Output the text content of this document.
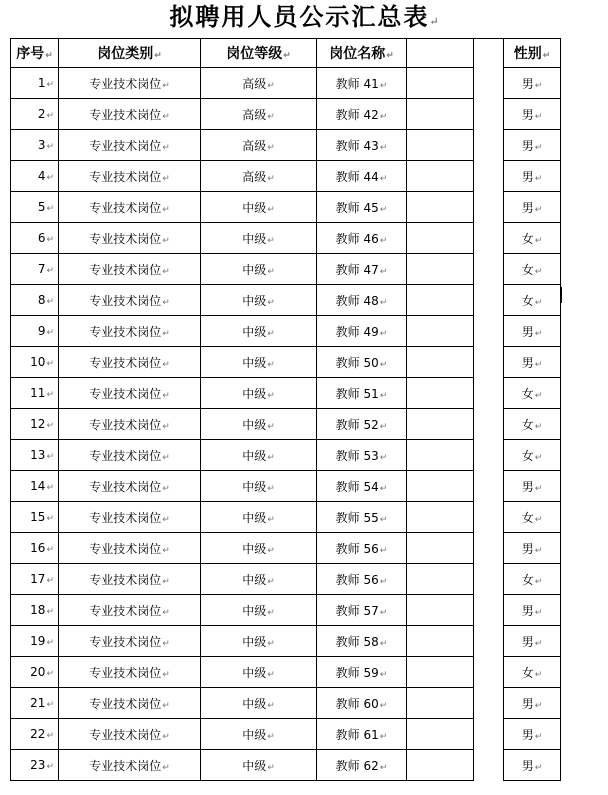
拟聘用人员公示汇总表↵
序号↵	岗位类别↵	岗位等级↵	岗位名称↵			性别↵
1↵	专业技术岗位↵	高级↵	教师 41↵			男↵
2↵	专业技术岗位↵	高级↵	教师 42↵			男↵
3↵	专业技术岗位↵	高级↵	教师 43↵			男↵
4↵	专业技术岗位↵	高级↵	教师 44↵			男↵
5↵	专业技术岗位↵	中级↵	教师 45↵			男↵
6↵	专业技术岗位↵	中级↵	教师 46↵			女↵
7↵	专业技术岗位↵	中级↵	教师 47↵			女↵
8↵	专业技术岗位↵	中级↵	教师 48↵			女↵
9↵	专业技术岗位↵	中级↵	教师 49↵			男↵
10↵	专业技术岗位↵	中级↵	教师 50↵			男↵
11↵	专业技术岗位↵	中级↵	教师 51↵			女↵
12↵	专业技术岗位↵	中级↵	教师 52↵			女↵
13↵	专业技术岗位↵	中级↵	教师 53↵			女↵
14↵	专业技术岗位↵	中级↵	教师 54↵			男↵
15↵	专业技术岗位↵	中级↵	教师 55↵			女↵
16↵	专业技术岗位↵	中级↵	教师 56↵			男↵
17↵	专业技术岗位↵	中级↵	教师 56↵			女↵
18↵	专业技术岗位↵	中级↵	教师 57↵			男↵
19↵	专业技术岗位↵	中级↵	教师 58↵			男↵
20↵	专业技术岗位↵	中级↵	教师 59↵			女↵
21↵	专业技术岗位↵	中级↵	教师 60↵			男↵
22↵	专业技术岗位↵	中级↵	教师 61↵			男↵
23↵	专业技术岗位↵	中级↵	教师 62↵			男↵
